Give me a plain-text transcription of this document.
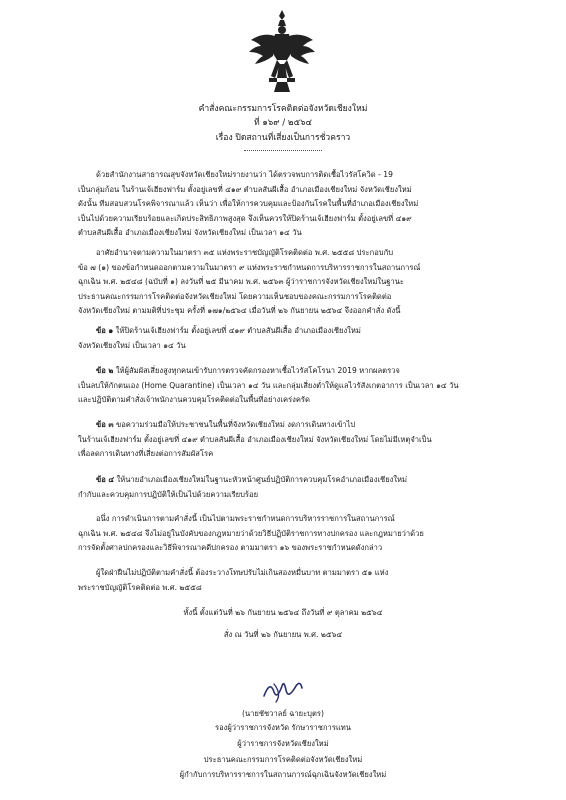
คำสั่งคณะกรรมการโรคติดต่อจังหวัดเชียงใหม่
ที่ ๑๖๙ / ๒๕๖๔
เรื่อง ปิดสถานที่เสี่ยงเป็นการชั่วคราว
ด้วยสำนักงานสาธารณสุขจังหวัดเชียงใหม่รายงานว่า ได้ตรวจพบการติดเชื้อไวรัสโควิด - 19
เป็นกลุ่มก้อน ในร้านเจ้เฮียงฟาร์ม ตั้งอยู่เลขที่ ๔๑๙ ตำบลสันผีเสื้อ อำเภอเมืองเชียงใหม่ จังหวัดเชียงใหม่
ดังนั้น ทีมสอบสวนโรคพิจารณาแล้ว เห็นว่า เพื่อให้การควบคุมและป้องกันโรคในพื้นที่อำเภอเมืองเชียงใหม่
เป็นไปด้วยความเรียบร้อยและเกิดประสิทธิภาพสูงสุด จึงเห็นควรให้ปิดร้านเจ้เฮียงฟาร์ม ตั้งอยู่เลขที่ ๔๑๙
ตำบลสันผีเสื้อ อำเภอเมืองเชียงใหม่ จังหวัดเชียงใหม่ เป็นเวลา ๑๔ วัน
อาศัยอำนาจตามความในมาตรา ๓๕ แห่งพระราชบัญญัติโรคติดต่อ พ.ศ. ๒๕๕๘ ประกอบกับ
ข้อ ๗ (๑) ของข้อกำหนดออกตามความในมาตรา ๙ แห่งพระราชกำหนดการบริหารราชการในสถานการณ์
ฉุกเฉิน พ.ศ. ๒๕๔๘ (ฉบับที่ ๑) ลงวันที่ ๒๕ มีนาคม พ.ศ. ๒๕๖๓ ผู้ว่าราชการจังหวัดเชียงใหม่ในฐานะ
ประธานคณะกรรมการโรคติดต่อจังหวัดเชียงใหม่ โดยความเห็นชอบของคณะกรรมการโรคติดต่อ
จังหวัดเชียงใหม่ ตามมติที่ประชุม ครั้งที่ ๑๗๑/๒๕๖๔ เมื่อวันที่ ๒๖ กันยายน ๒๕๖๔ จึงออกคำสั่ง ดังนี้
ข้อ ๑ ให้ปิดร้านเจ้เฮียงฟาร์ม ตั้งอยู่เลขที่ ๔๑๙ ตำบลสันผีเสื้อ อำเภอเมืองเชียงใหม่
จังหวัดเชียงใหม่ เป็นเวลา ๑๔ วัน
ข้อ ๒ ให้ผู้สัมผัสเสี่ยงสูงทุกคนเข้ารับการตรวจคัดกรองหาเชื้อไวรัสโคโรนา 2019 หากผลตรวจ
เป็นลบให้กักตนเอง (Home Quarantine) เป็นเวลา ๑๔ วัน และกลุ่มเสี่ยงต่ำให้ดูแลไวรัสังเกตอาการ เป็นเวลา ๑๔ วัน
และปฏิบัติตามคำสั่งเจ้าพนักงานควบคุมโรคติดต่อในพื้นที่อย่างเคร่งครัด
ข้อ ๓ ขอความร่วมมือให้ประชาชนในพื้นที่จังหวัดเชียงใหม่ งดการเดินทางเข้าไป
ในร้านเจ้เฮียงฟาร์ม ตั้งอยู่เลขที่ ๔๑๙ ตำบลสันผีเสื้อ อำเภอเมืองเชียงใหม่ จังหวัดเชียงใหม่ โดยไม่มีเหตุจำเป็น
เพื่อลดการเดินทางที่เสี่ยงต่อการสัมผัสโรค
ข้อ ๔ ให้นายอำเภอเมืองเชียงใหม่ในฐานะหัวหน้าศูนย์ปฏิบัติการควบคุมโรคอำเภอเมืองเชียงใหม่
กำกับและควบคุมการปฏิบัติให้เป็นไปด้วยความเรียบร้อย
อนึ่ง การดำเนินการตามคำสั่งนี้ เป็นไปตามพระราชกำหนดการบริหารราชการในสถานการณ์
ฉุกเฉิน พ.ศ. ๒๕๔๘ จึงไม่อยู่ในบังคับของกฎหมายว่าด้วยวิธีปฏิบัติราชการทางปกครอง และกฎหมายว่าด้วย
การจัดตั้งศาลปกครองและวิธีพิจารณาคดีปกครอง ตามมาตรา ๑๖ ของพระราชกำหนดดังกล่าว
ผู้ใดฝ่าฝืนไม่ปฏิบัติตามคำสั่งนี้ ต้องระวางโทษปรับไม่เกินสองหมื่นบาท ตามมาตรา ๕๑ แห่ง
พระราชบัญญัติโรคติดต่อ พ.ศ. ๒๕๕๘
ทั้งนี้ ตั้งแต่วันที่ ๒๖ กันยายน ๒๕๖๔ ถึงวันที่ ๙ ตุลาคม ๒๕๖๔
สั่ง ณ วันที่ ๒๖ กันยายน พ.ศ. ๒๕๖๔
(นายชัชวาลย์ ฉายะบุตร)
รองผู้ว่าราชการจังหวัด รักษาราชการแทน
ผู้ว่าราชการจังหวัดเชียงใหม่
ประธานคณะกรรมการโรคติดต่อจังหวัดเชียงใหม่
ผู้กำกับการบริหารราชการในสถานการณ์ฉุกเฉินจังหวัดเชียงใหม่
